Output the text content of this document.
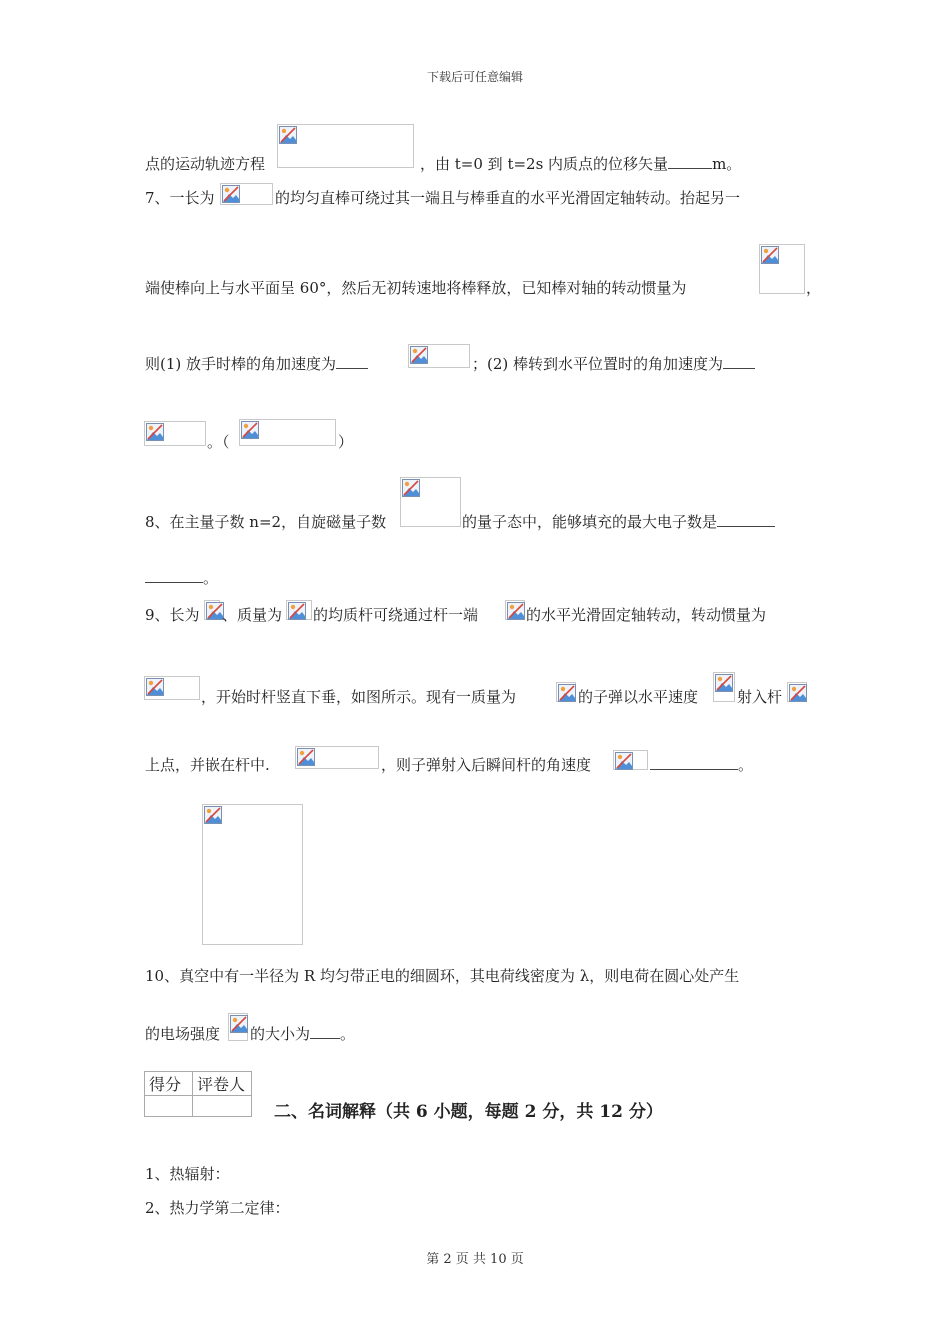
下载后可任意编辑
点的运动轨迹方程	，由 t=0 到 t=2s 内质点的位移矢量	m。
7、一长为	的均匀直棒可绕过其一端且与棒垂直的水平光滑固定轴转动。抬起另一
端使棒向上与水平面呈 60°，然后无初转速地将棒释放，已知棒对轴的转动惯量为	，
则(1) 放手时棒的角加速度为	；(2) 棒转到水平位置时的角加速度为
。（	）
8、在主量子数 n=2，自旋磁量子数	的量子态中，能够填充的最大电子数是
。
9、长为 、质量为 的均质杆可绕通过杆一端	的水平光滑固定轴转动，转动惯量为
，开始时杆竖直下垂，如图所示。现有一质量为	的子弹以水平速度	射入杆
上点，并嵌在杆中.	，则子弹射入后瞬间杆的角速度	。
10、真空中有一半径为 R 均匀带正电的细圆环，其电荷线密度为 λ，则电荷在圆心处产生
的电场强度 的大小为 。
得分	评卷人

二、名词解释（共 6 小题，每题 2 分，共 12 分）
1、热辐射：
2、热力学第二定律：
第 2 页 共 10 页
